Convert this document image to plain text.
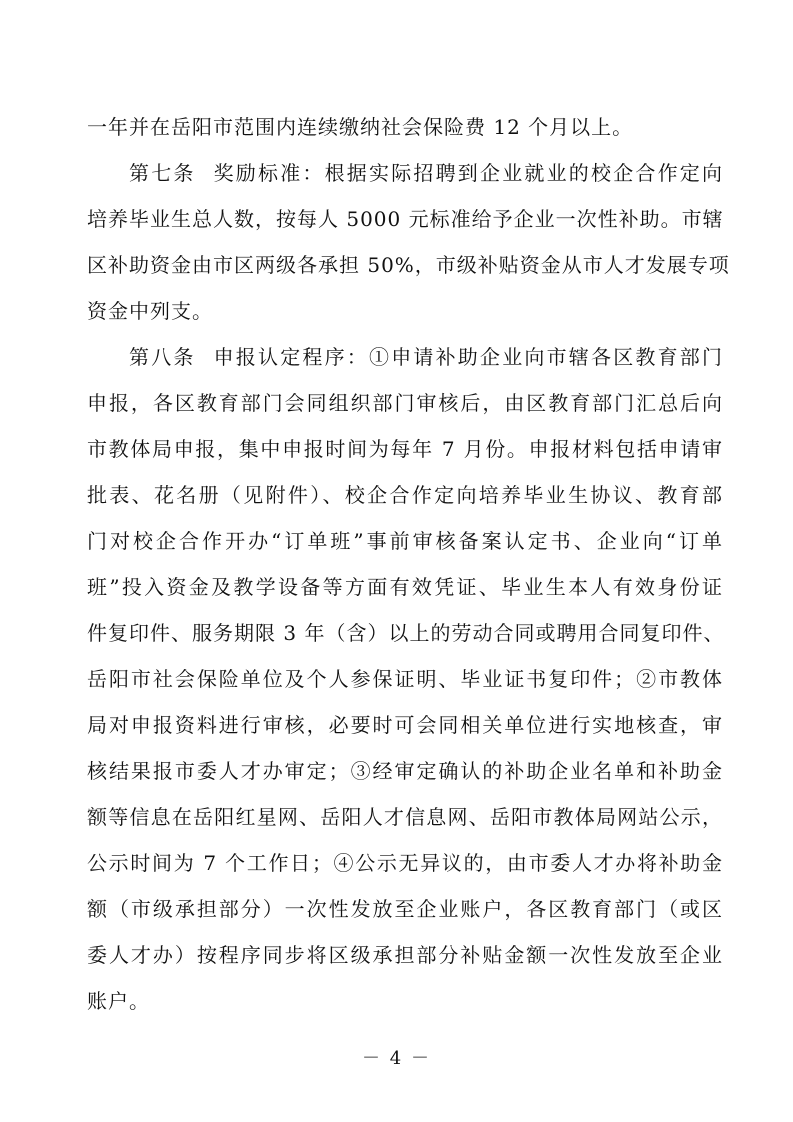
一年并在岳阳市范围内连续缴纳社会保险费 12 个月以上。
第七条 奖励标准：根据实际招聘到企业就业的校企合作定向
培养毕业生总人数，按每人 5000 元标准给予企业一次性补助。市辖
区补助资金由市区两级各承担 50%，市级补贴资金从市人才发展专项
资金中列支。
第八条 申报认定程序：①申请补助企业向市辖各区教育部门
申报，各区教育部门会同组织部门审核后，由区教育部门汇总后向
市教体局申报，集中申报时间为每年 7 月份。申报材料包括申请审
批表、花名册（见附件）、校企合作定向培养毕业生协议、教育部
门对校企合作开办“订单班”事前审核备案认定书、企业向“订单
班”投入资金及教学设备等方面有效凭证、毕业生本人有效身份证
件复印件、服务期限 3 年（含）以上的劳动合同或聘用合同复印件、
岳阳市社会保险单位及个人参保证明、毕业证书复印件；②市教体
局对申报资料进行审核，必要时可会同相关单位进行实地核查，审
核结果报市委人才办审定；③经审定确认的补助企业名单和补助金
额等信息在岳阳红星网、岳阳人才信息网、岳阳市教体局网站公示，
公示时间为 7 个工作日；④公示无异议的，由市委人才办将补助金
额（市级承担部分）一次性发放至企业账户，各区教育部门（或区
委人才办）按程序同步将区级承担部分补贴金额一次性发放至企业
账户。
－ 4 －
